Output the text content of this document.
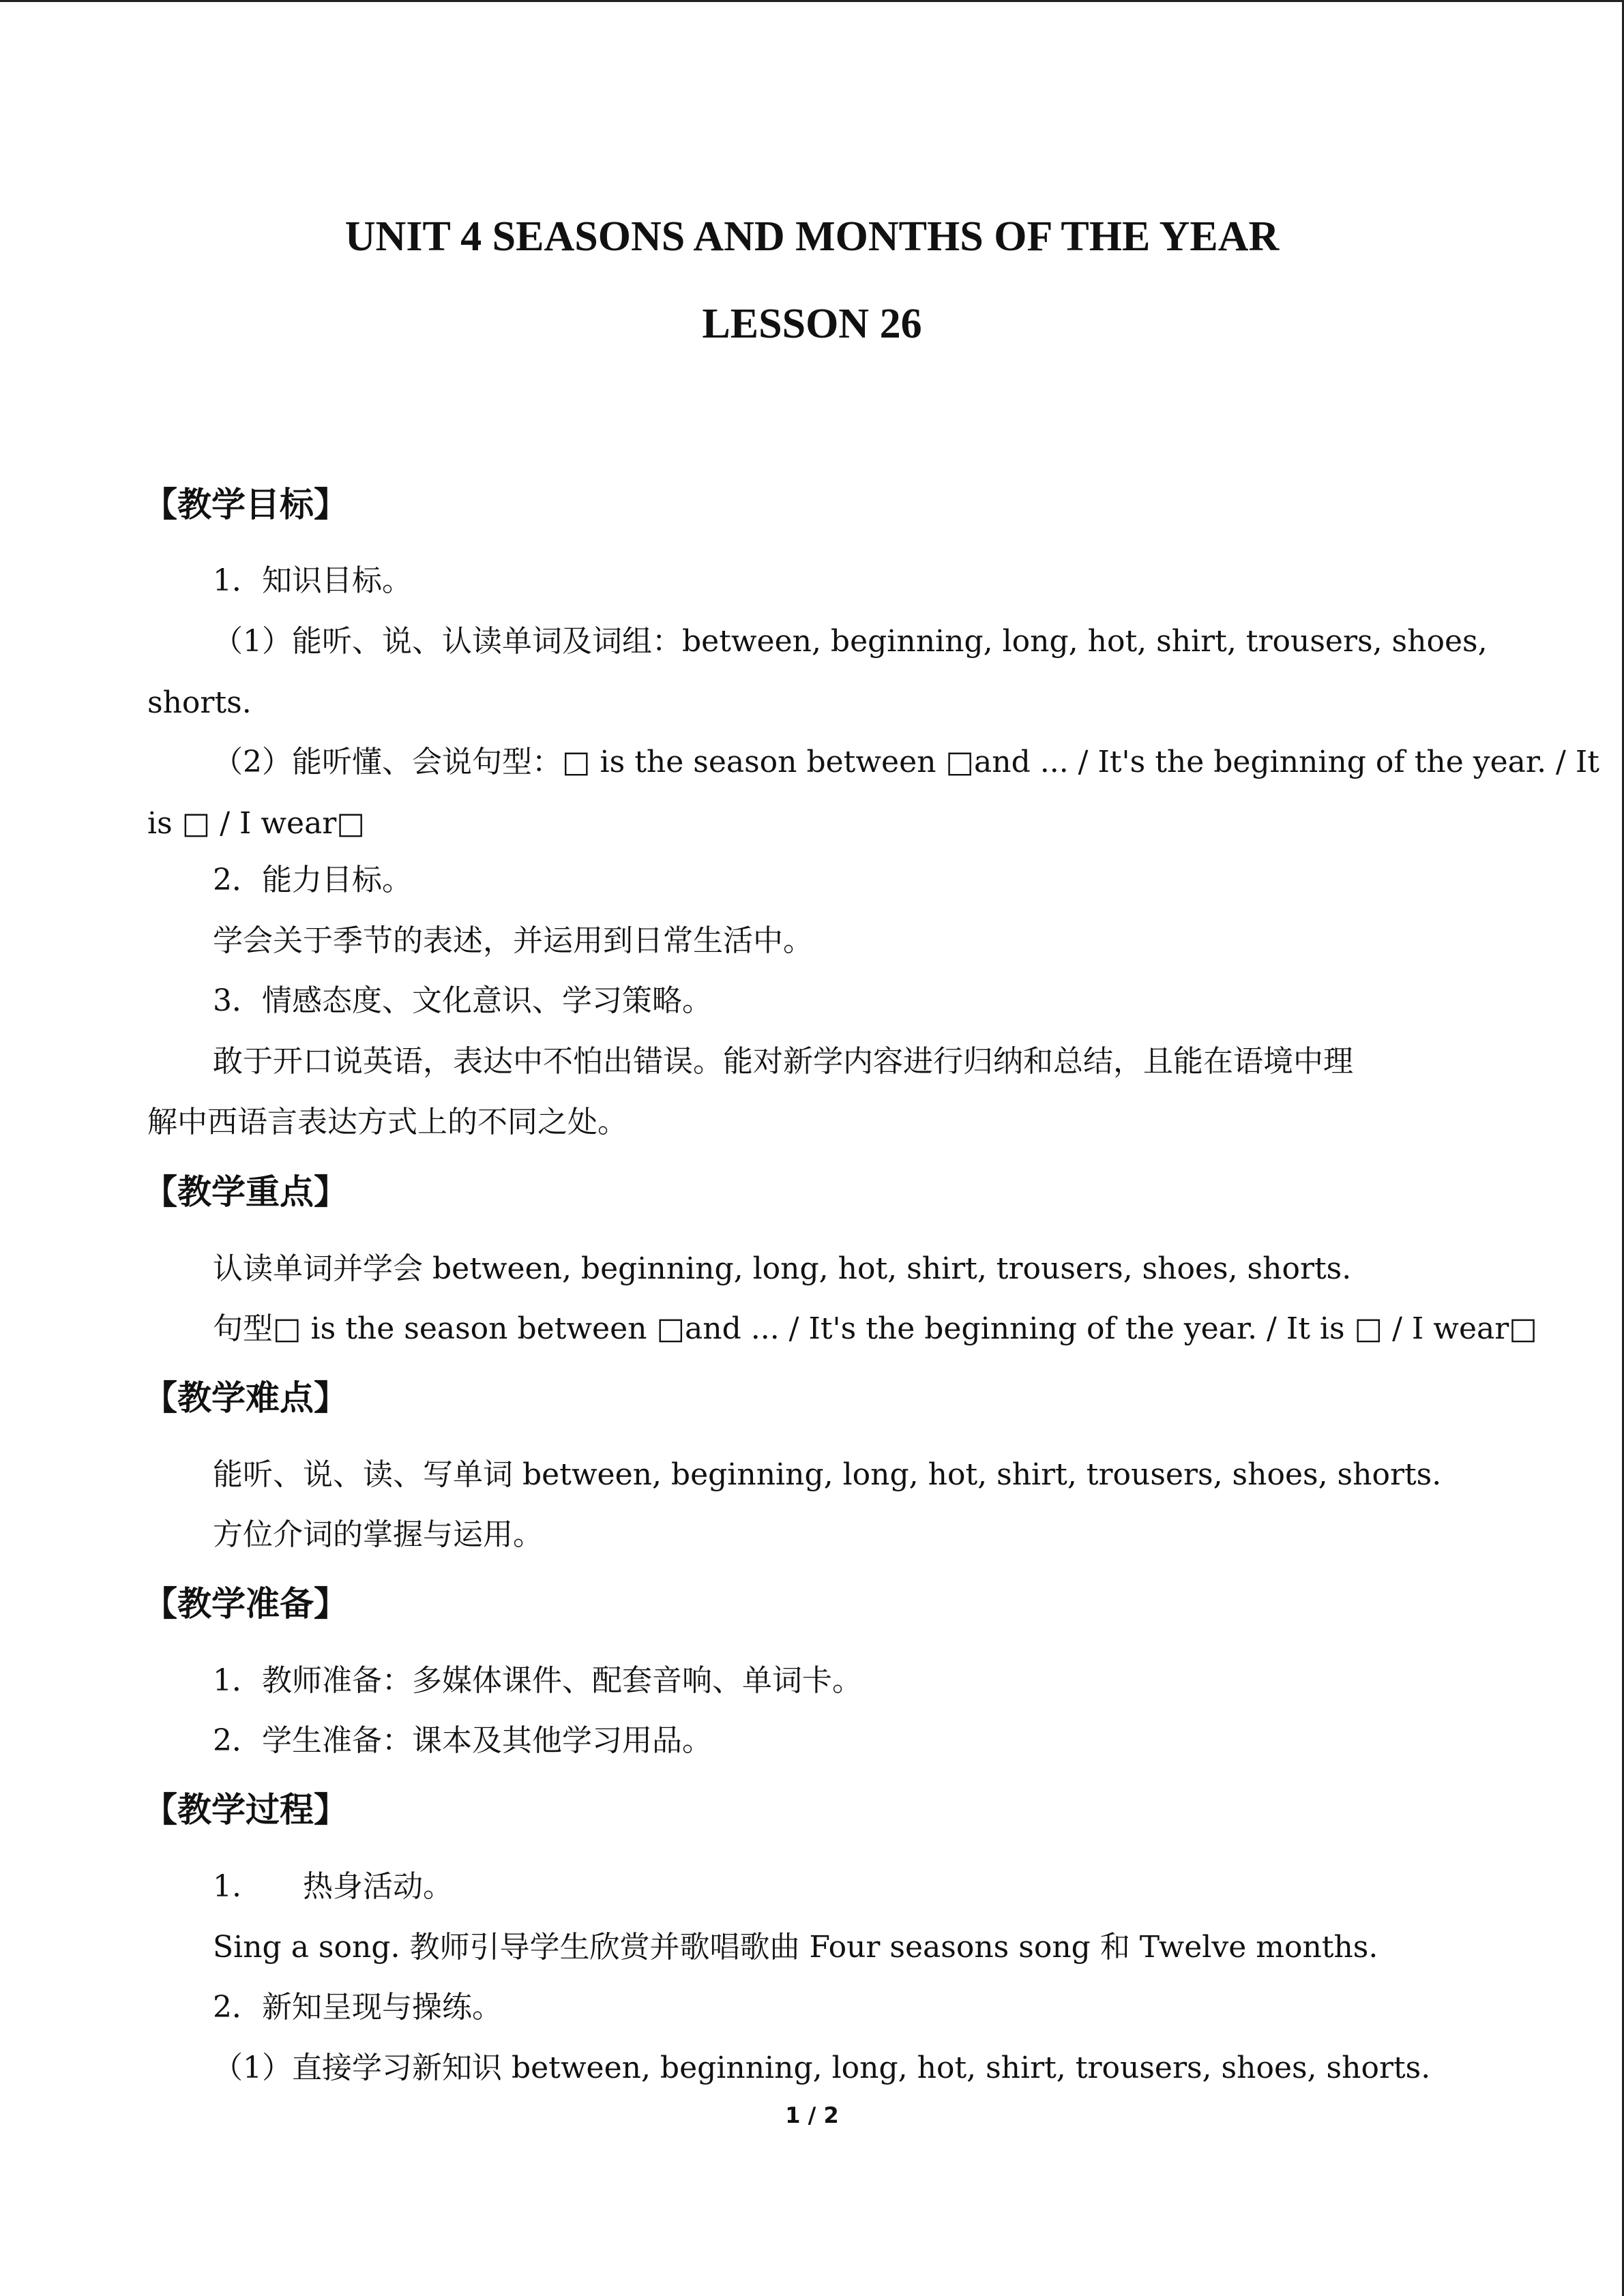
UNIT 4 SEASONS AND MONTHS OF THE YEAR
LESSON 26
【教学目标】
1．知识目标。
（1）能听、说、认读单词及词组：between, beginning, long, hot, shirt, trousers, shoes,
shorts.
（2）能听懂、会说句型：□ is the season between □and ... / It's the beginning of the year. / It
is □ / I wear□
2．能力目标。
学会关于季节的表述，并运用到日常生活中。
3．情感态度、文化意识、学习策略。
敢于开口说英语，表达中不怕出错误。能对新学内容进行归纳和总结，且能在语境中理
解中西语言表达方式上的不同之处。
【教学重点】
认读单词并学会 between, beginning, long, hot, shirt, trousers, shoes, shorts.
句型□ is the season between □and ... / It's the beginning of the year. / It is □ / I wear□
【教学难点】
能听、说、读、写单词 between, beginning, long, hot, shirt, trousers, shoes, shorts.
方位介词的掌握与运用。
【教学准备】
1．教师准备：多媒体课件、配套音响、单词卡。
2．学生准备：课本及其他学习用品。
【教学过程】
1. 热身活动。
Sing a song. 教师引导学生欣赏并歌唱歌曲 Four seasons song 和 Twelve months.
2．新知呈现与操练。
（1）直接学习新知识 between, beginning, long, hot, shirt, trousers, shoes, shorts.
1 / 2
